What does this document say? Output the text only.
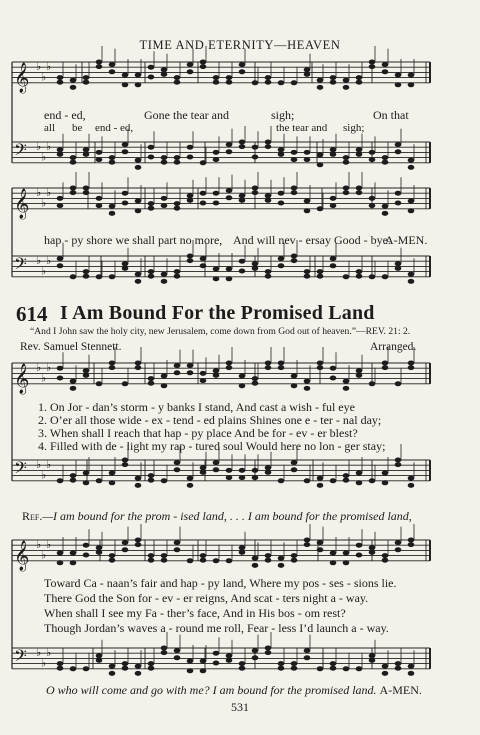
TIME AND ETERNITY—HEAVEN
𝄞 ♭
♭
♭
𝄢 ♭
♭
♭
𝄞 ♭
♭
♭
𝄢 ♭
♭
♭
𝄞 ♭
♭
♭
𝄢 ♭
♭
♭
𝄞 ♭
♭
♭
𝄢 ♭
♭
♭
end - ed,	Gone the tear and	sigh;	On that
all be end - ed,	the tear and sigh;
hap - py shore we shall part no more, And will nev - er say Good - bye.
A-MEN.
614 I Am Bound For the Promised Land
“And I John saw the holy city, new Jerusalem, come down from God out of heaven.”—REV. 21: 2.
Rev. Samuel Stennett.	Arranged.
1. On Jor - dan’s storm - y banks I stand, And cast a wish - ful eye
2. O’er all those wide - ex - tend - ed plains Shines one e - ter - nal day;
3. When shall I reach that hap - py place And be for - ev - er blest?
4. Filled with de - light my rap - tured soul Would here no lon - ger stay;
Ref.—I am bound for the prom - ised land, . . . I am bound for the promised land,
Toward Ca - naan’s fair and hap - py land, Where my pos - ses - sions lie.
There God the Son for - ev - er reigns, And scat - ters night a - way.
When shall I see my Fa - ther’s face, And in His bos - om rest?
Though Jordan’s waves a - round me roll, Fear - less I’d launch a - way.
O who will come and go with me? I am bound for the promised land. A-MEN.
531
